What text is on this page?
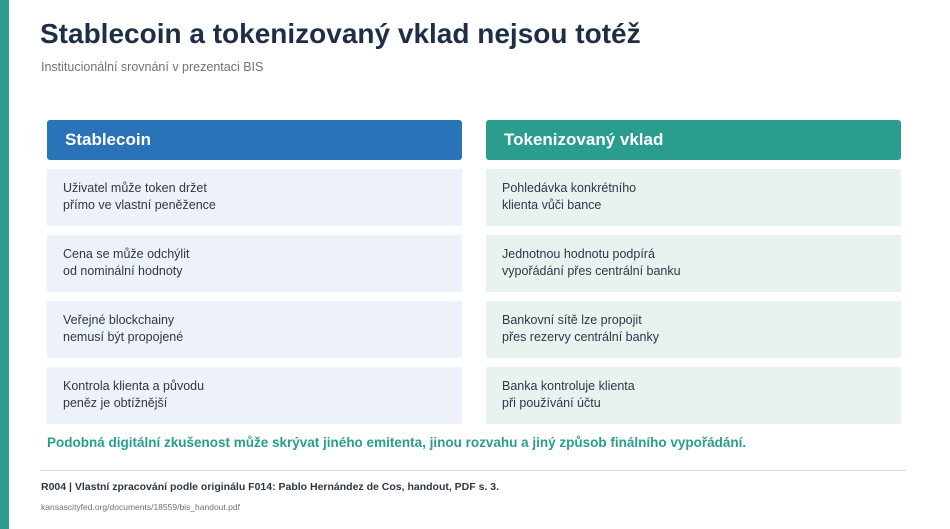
Stablecoin a tokenizovaný vklad nejsou totéž
Institucionální srovnání v prezentaci BIS
Stablecoin
Uživatel může token držet
přímo ve vlastní peněžence
Cena se může odchýlit
od nominální hodnoty
Veřejné blockchainy
nemusí být propojené
Kontrola klienta a původu
peněz je obtížnější
Tokenizovaný vklad
Pohledávka konkrétního
klienta vůči bance
Jednotnou hodnotu podpírá
vypořádání přes centrální banku
Bankovní sítě lze propojit
přes rezervy centrální banky
Banka kontroluje klienta
při používání účtu
Podobná digitální zkušenost může skrývat jiného emitenta, jinou rozvahu a jiný způsob finálního vypořádání.
R004 | Vlastní zpracování podle originálu F014: Pablo Hernández de Cos, handout, PDF s. 3.
kansascityfed.org/documents/18559/bis_handout.pdf
